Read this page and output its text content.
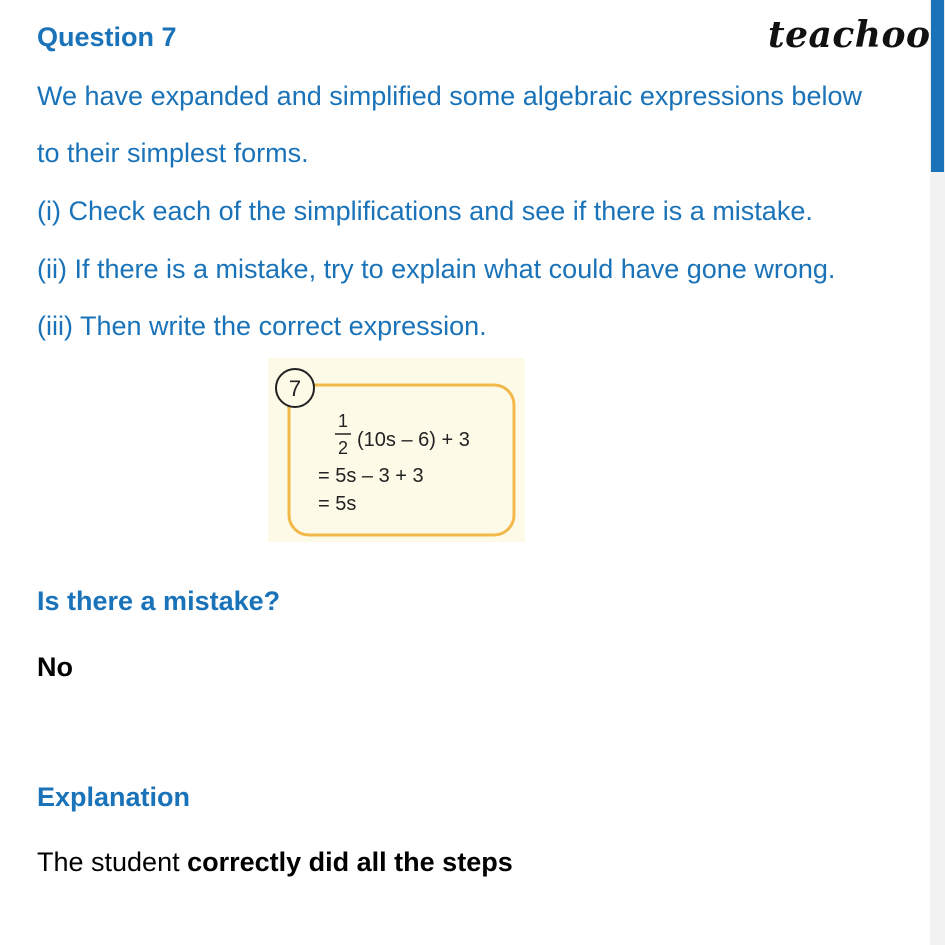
Question 7	teachoo
We have expanded and simplified some algebraic expressions below
to their simplest forms.
(i) Check each of the simplifications and see if there is a mistake.
(ii) If there is a mistake, try to explain what could have gone wrong.
(iii) Then write the correct expression.
7
1
2 (10s – 6) + 3
= 5s – 3 + 3
= 5s
Is there a mistake?
No
Explanation
The student correctly did all the steps
